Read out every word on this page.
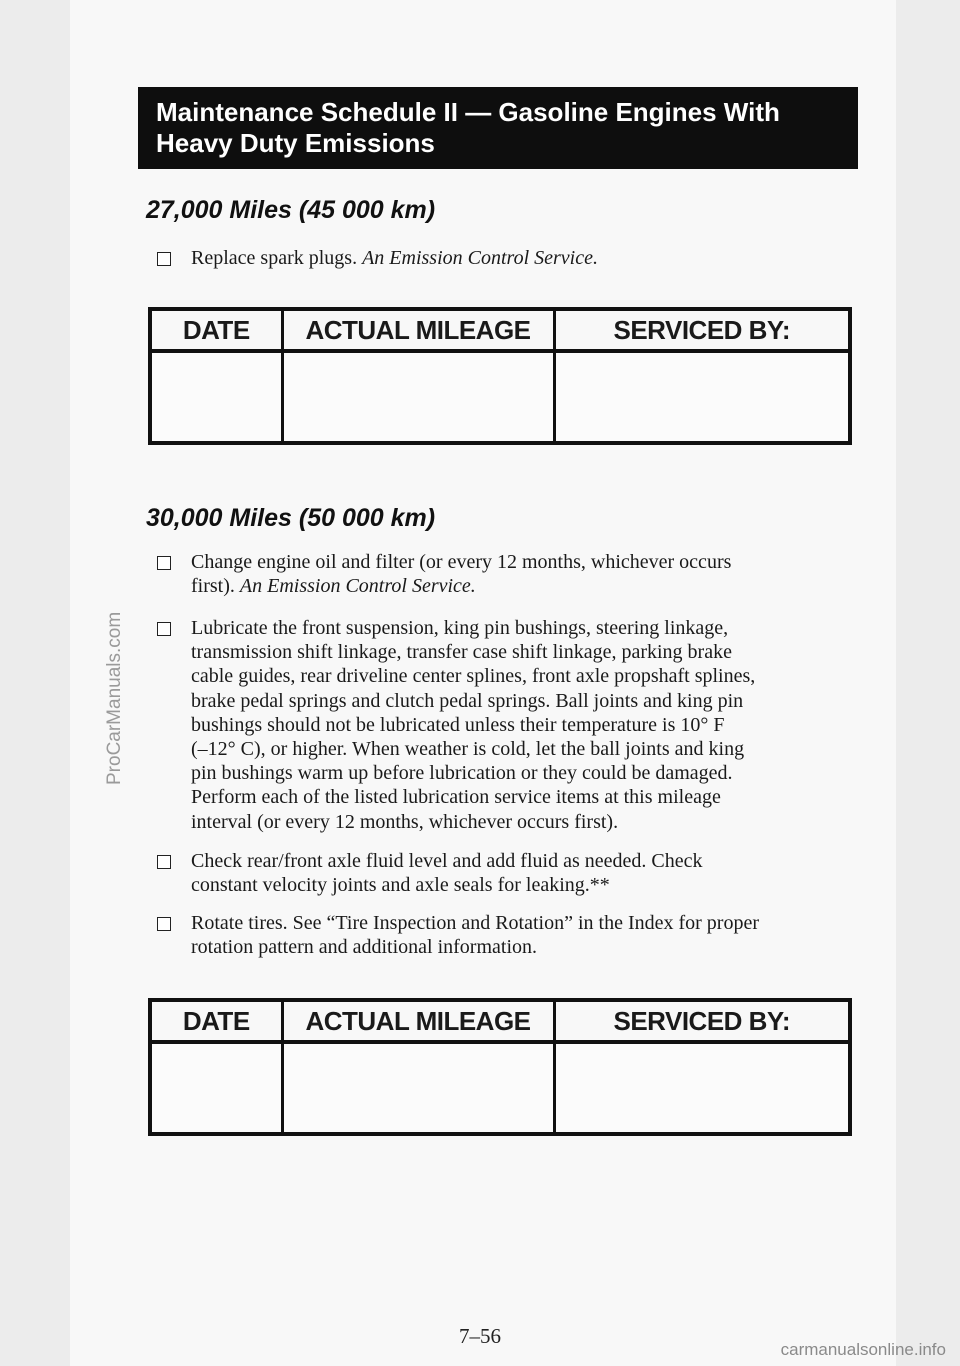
Maintenance Schedule II — Gasoline Engines With
Heavy Duty Emissions
27,000 Miles (45 000 km)
Replace spark plugs. An Emission Control Service.
DATE	ACTUAL MILEAGE	SERVICED BY:

30,000 Miles (50 000 km)
Change engine oil and filter (or every 12 months, whichever occurs
first). An Emission Control Service.
Lubricate the front suspension, king pin bushings, steering linkage,
transmission shift linkage, transfer case shift linkage, parking brake
cable guides, rear driveline center splines, front axle propshaft splines,
brake pedal springs and clutch pedal springs. Ball joints and king pin
bushings should not be lubricated unless their temperature is 10° F
(–12° C), or higher. When weather is cold, let the ball joints and king
pin bushings warm up before lubrication or they could be damaged.
Perform each of the listed lubrication service items at this mileage
interval (or every 12 months, whichever occurs first).
Check rear/front axle fluid level and add fluid as needed. Check
constant velocity joints and axle seals for leaking.**
Rotate tires. See “Tire Inspection and Rotation” in the Index for proper
rotation pattern and additional information.
DATE	ACTUAL MILEAGE	SERVICED BY:

7–56
ProCarManuals.com
carmanualsonline.info
